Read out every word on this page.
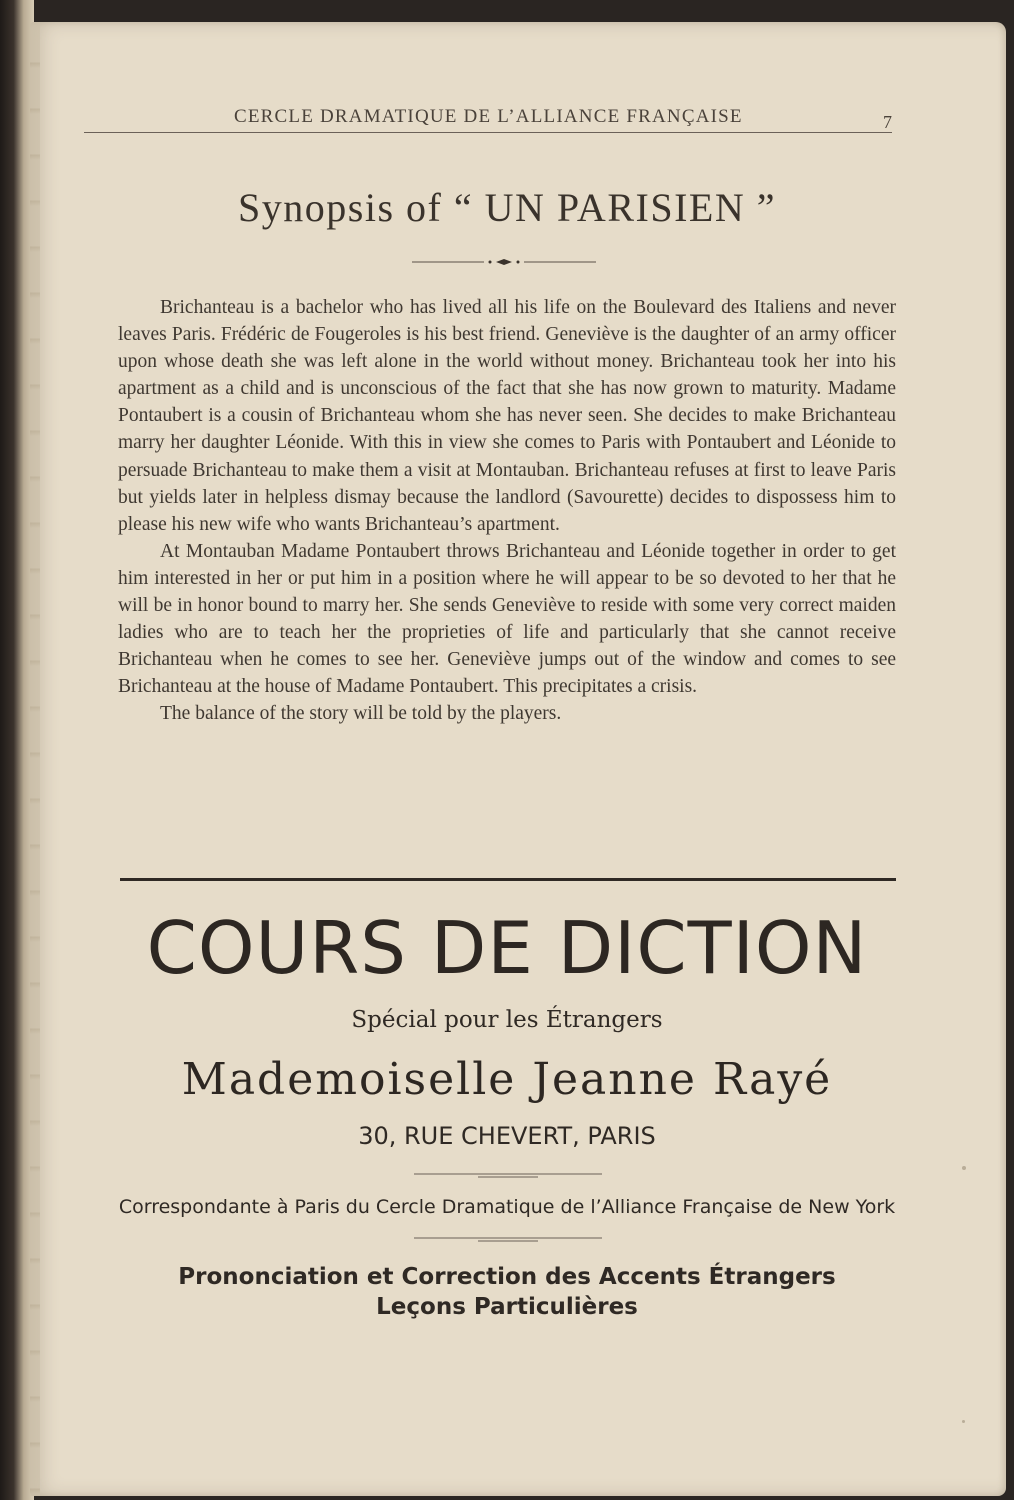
CERCLE DRAMATIQUE DE L’ALLIANCE FRANÇAISE	7
Synopsis of “ UN PARISIEN ”

Brichanteau is a bachelor who has lived all his life on the Boulevard des Italiens and never leaves Paris. Frédéric de Fougeroles is his best friend. Geneviève is the daughter of an army officer upon whose death she was left alone in the world without money. Brichanteau took her into his apartment as a child and is unconscious of the fact that she has now grown to maturity. Madame Pontaubert is a cousin of Brichanteau whom she has never seen. She decides to make Brichanteau marry her daughter Léonide. With this in view she comes to Paris with Pontaubert and Léonide to persuade Brichanteau to make them a visit at Montauban. Brichanteau refuses at first to leave Paris but yields later in helpless dismay because the landlord (Savourette) decides to dispossess him to please his new wife who wants Brichanteau’s apartment.

At Montauban Madame Pontaubert throws Brichanteau and Léonide together in order to get him interested in her or put him in a position where he will appear to be so devoted to her that he will be in honor bound to marry her. She sends Geneviève to reside with some very correct maiden ladies who are to teach her the proprieties of life and particularly that she cannot receive Brichanteau when he comes to see her. Geneviève jumps out of the window and comes to see Brichanteau at the house of Madame Pontaubert. This precipitates a crisis.

The balance of the story will be told by the players.

COURS DE DICTION
Spécial pour les Étrangers
Mademoiselle Jeanne Rayé
30, RUE CHEVERT, PARIS
Correspondante à Paris du Cercle Dramatique de l’Alliance Française de New York
Prononciation et Correction des Accents Étrangers
Leçons Particulières
